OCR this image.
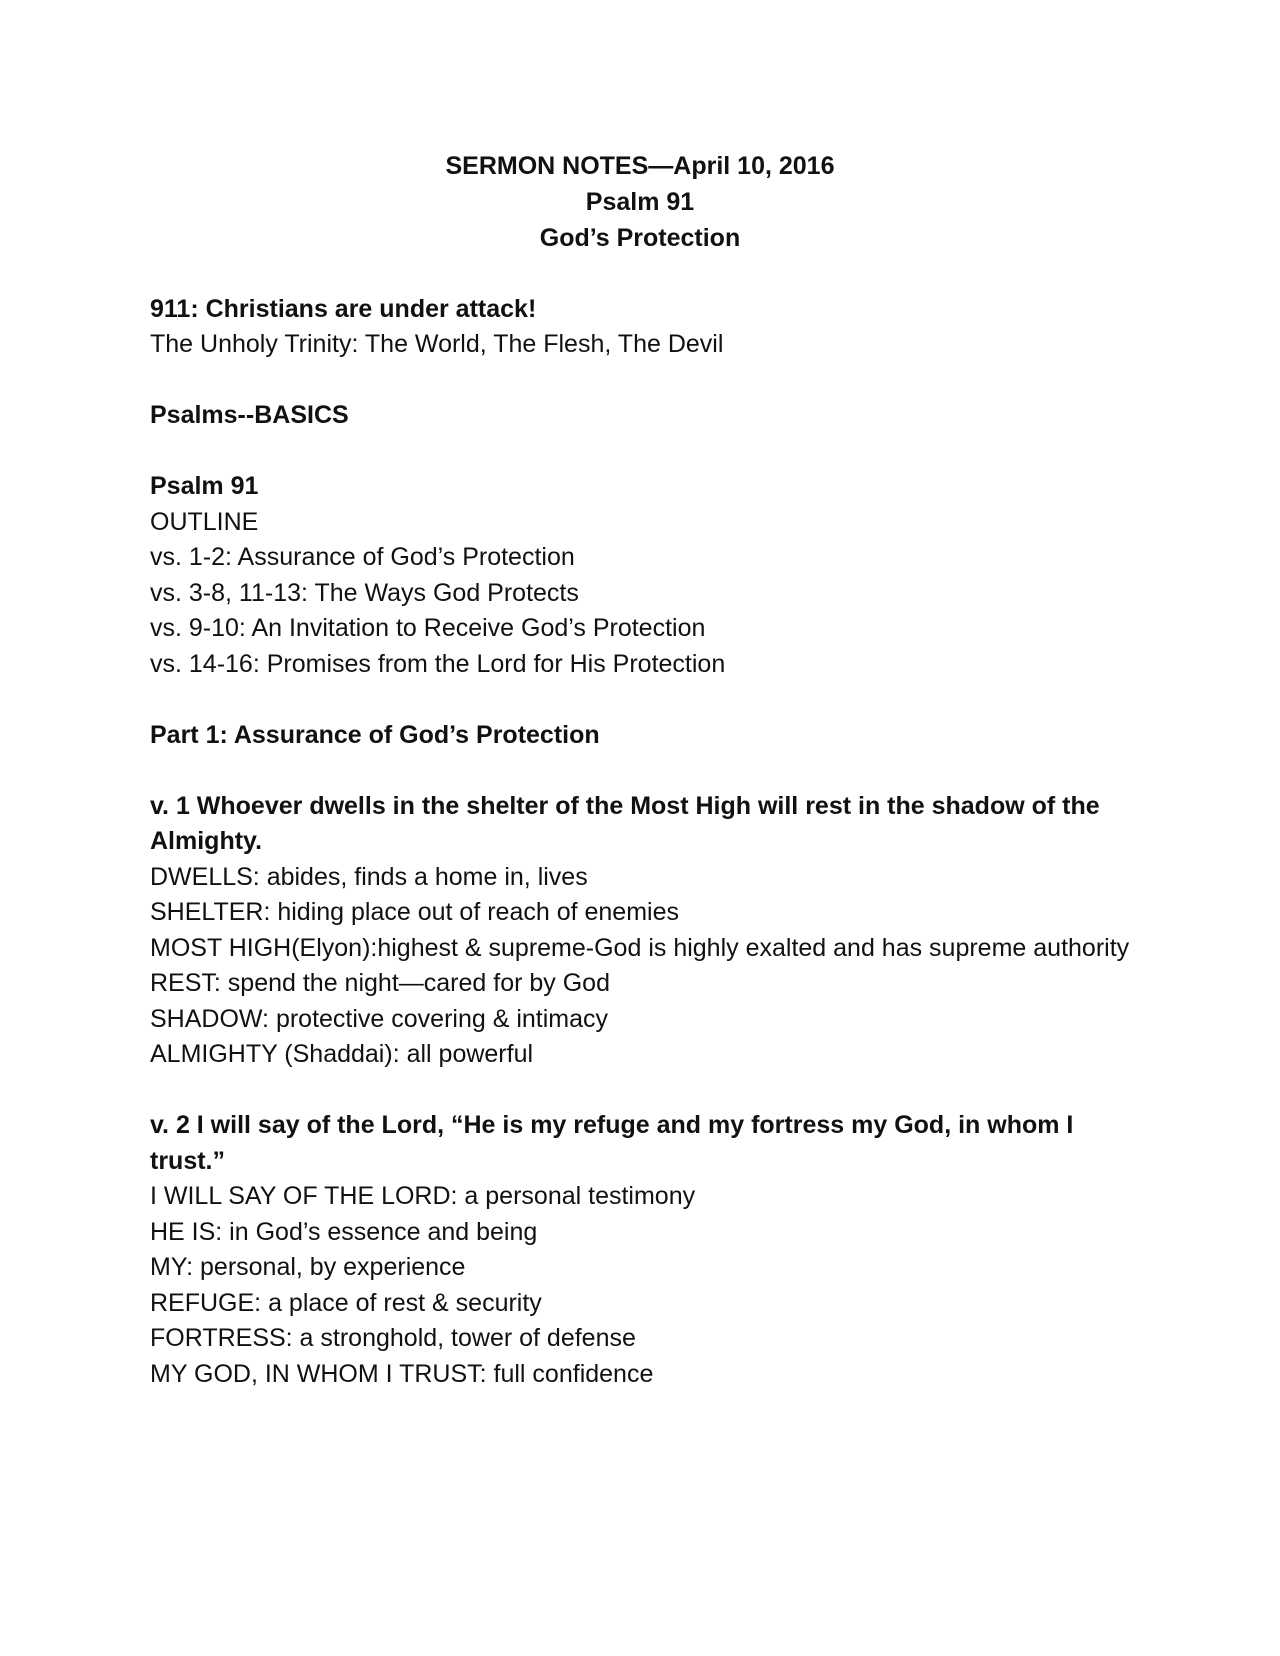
SERMON NOTES—April 10, 2016
Psalm 91
God’s Protection
911: Christians are under attack!
The Unholy Trinity: The World, The Flesh, The Devil
Psalms--BASICS
Psalm 91
OUTLINE
vs. 1-2: Assurance of God’s Protection
vs. 3-8, 11-13: The Ways God Protects
vs. 9-10: An Invitation to Receive God’s Protection
vs. 14-16: Promises from the Lord for His Protection
Part 1: Assurance of God’s Protection
v. 1 Whoever dwells in the shelter of the Most High will rest in the shadow of the Almighty.
DWELLS: abides, finds a home in, lives
SHELTER: hiding place out of reach of enemies
MOST HIGH(Elyon):highest & supreme-God is highly exalted and has supreme authority
REST: spend the night—cared for by God
SHADOW: protective covering & intimacy
ALMIGHTY (Shaddai): all powerful
v. 2 I will say of the Lord, “He is my refuge and my fortress my God, in whom I trust.”
I WILL SAY OF THE LORD: a personal testimony
HE IS: in God’s essence and being
MY: personal, by experience
REFUGE: a place of rest & security
FORTRESS: a stronghold, tower of defense
MY GOD, IN WHOM I TRUST: full confidence
